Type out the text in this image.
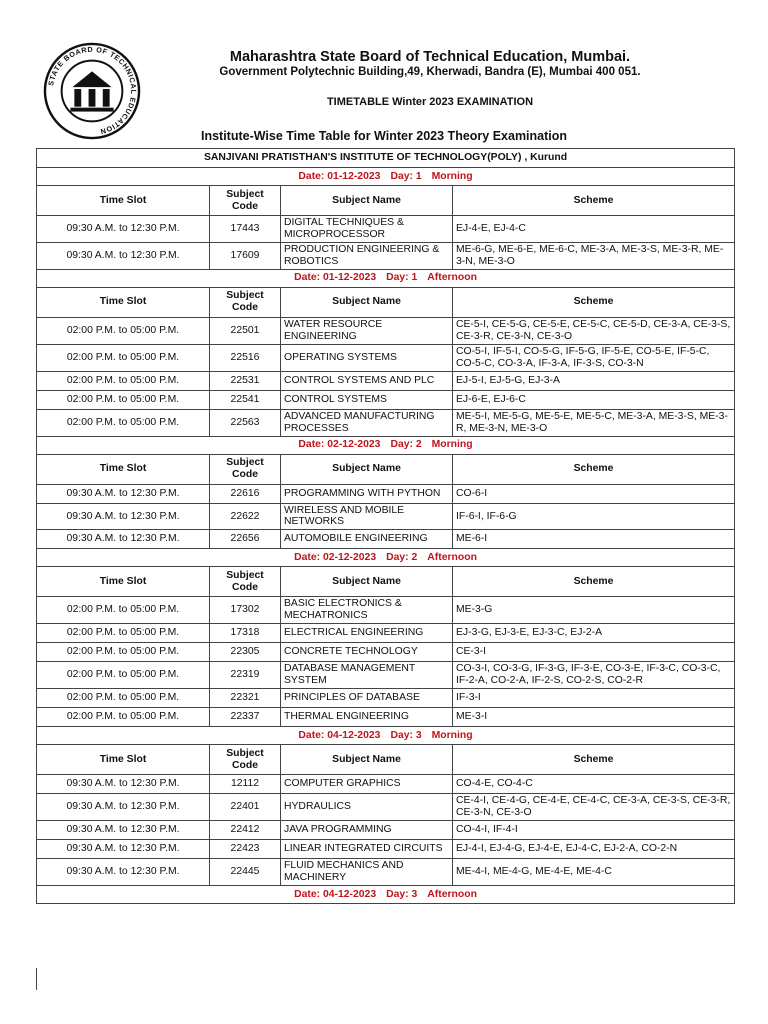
STATE BOARD OF TECHNICAL EDUCATION
Maharashtra State Board of Technical Education, Mumbai.
Government Polytechnic Building,49, Kherwadi, Bandra (E), Mumbai 400 051.
TIMETABLE Winter 2023 EXAMINATION
Institute-Wise Time Table for Winter 2023 Theory Examination
SANJIVANI PRATISTHAN'S INSTITUTE OF TECHNOLOGY(POLY) , Kurund			
Date: 01-12-2023 Day: 1 Morning			
Time Slot	Subject Code	Subject Name	Scheme
09:30 A.M. to 12:30 P.M.	17443	DIGITAL TECHNIQUES & MICROPROCESSOR	EJ-4-E, EJ-4-C
09:30 A.M. to 12:30 P.M.	17609	PRODUCTION ENGINEERING & ROBOTICS	ME-6-G, ME-6-E, ME-6-C, ME-3-A, ME-3-S, ME-3-R, ME-3-N, ME-3-O
Date: 01-12-2023 Day: 1 Afternoon			
Time Slot	Subject Code	Subject Name	Scheme
02:00 P.M. to 05:00 P.M.	22501	WATER RESOURCE ENGINEERING	CE-5-I, CE-5-G, CE-5-E, CE-5-C, CE-5-D, CE-3-A, CE-3-S, CE-3-R, CE-3-N, CE-3-O
02:00 P.M. to 05:00 P.M.	22516	OPERATING SYSTEMS	CO-5-I, IF-5-I, CO-5-G, IF-5-G, IF-5-E, CO-5-E, IF-5-C, CO-5-C, CO-3-A, IF-3-A, IF-3-S, CO-3-N
02:00 P.M. to 05:00 P.M.	22531	CONTROL SYSTEMS AND PLC	EJ-5-I, EJ-5-G, EJ-3-A
02:00 P.M. to 05:00 P.M.	22541	CONTROL SYSTEMS	EJ-6-E, EJ-6-C
02:00 P.M. to 05:00 P.M.	22563	ADVANCED MANUFACTURING PROCESSES	ME-5-I, ME-5-G, ME-5-E, ME-5-C, ME-3-A, ME-3-S, ME-3-R, ME-3-N, ME-3-O
Date: 02-12-2023 Day: 2 Morning			
Time Slot	Subject Code	Subject Name	Scheme
09:30 A.M. to 12:30 P.M.	22616	PROGRAMMING WITH PYTHON	CO-6-I
09:30 A.M. to 12:30 P.M.	22622	WIRELESS AND MOBILE NETWORKS	IF-6-I, IF-6-G
09:30 A.M. to 12:30 P.M.	22656	AUTOMOBILE ENGINEERING	ME-6-I
Date: 02-12-2023 Day: 2 Afternoon			
Time Slot	Subject Code	Subject Name	Scheme
02:00 P.M. to 05:00 P.M.	17302	BASIC ELECTRONICS & MECHATRONICS	ME-3-G
02:00 P.M. to 05:00 P.M.	17318	ELECTRICAL ENGINEERING	EJ-3-G, EJ-3-E, EJ-3-C, EJ-2-A
02:00 P.M. to 05:00 P.M.	22305	CONCRETE TECHNOLOGY	CE-3-I
02:00 P.M. to 05:00 P.M.	22319	DATABASE MANAGEMENT SYSTEM	CO-3-I, CO-3-G, IF-3-G, IF-3-E, CO-3-E, IF-3-C, CO-3-C, IF-2-A, CO-2-A, IF-2-S, CO-2-S, CO-2-R
02:00 P.M. to 05:00 P.M.	22321	PRINCIPLES OF DATABASE	IF-3-I
02:00 P.M. to 05:00 P.M.	22337	THERMAL ENGINEERING	ME-3-I
Date: 04-12-2023 Day: 3 Morning			
Time Slot	Subject Code	Subject Name	Scheme
09:30 A.M. to 12:30 P.M.	12112	COMPUTER GRAPHICS	CO-4-E, CO-4-C
09:30 A.M. to 12:30 P.M.	22401	HYDRAULICS	CE-4-I, CE-4-G, CE-4-E, CE-4-C, CE-3-A, CE-3-S, CE-3-R, CE-3-N, CE-3-O
09:30 A.M. to 12:30 P.M.	22412	JAVA PROGRAMMING	CO-4-I, IF-4-I
09:30 A.M. to 12:30 P.M.	22423	LINEAR INTEGRATED CIRCUITS	EJ-4-I, EJ-4-G, EJ-4-E, EJ-4-C, EJ-2-A, CO-2-N
09:30 A.M. to 12:30 P.M.	22445	FLUID MECHANICS AND MACHINERY	ME-4-I, ME-4-G, ME-4-E, ME-4-C
Date: 04-12-2023 Day: 3 Afternoon			
